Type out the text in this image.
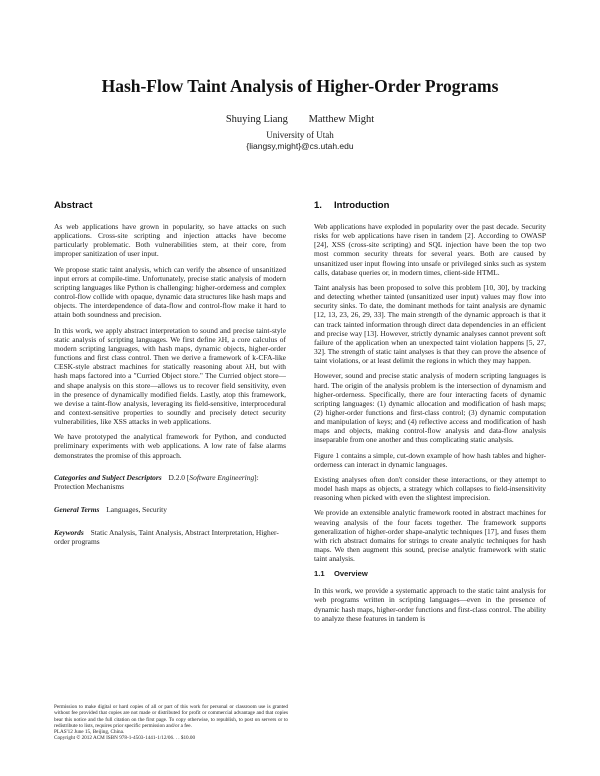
Hash-Flow Taint Analysis of Higher-Order Programs
Shuying Liang Matthew Might
University of Utah
{liangsy,might}@cs.utah.edu
Abstract

As web applications have grown in popularity, so have attacks on such applications. Cross-site scripting and injection attacks have become particularly problematic. Both vulnerabilities stem, at their core, from improper sanitization of user input.

We propose static taint analysis, which can verify the absence of unsanitized input errors at compile-time. Unfortunately, precise static analysis of modern scripting languages like Python is challenging: higher-orderness and complex control-flow collide with opaque, dynamic data structures like hash maps and objects. The interdependence of data-flow and control-flow make it hard to attain both soundness and precision.

In this work, we apply abstract interpretation to sound and precise taint-style static analysis of scripting languages. We first define λH, a core calculus of modern scripting languages, with hash maps, dynamic objects, higher-order functions and first class control. Then we derive a framework of k-CFA-like CESK-style abstract machines for statically reasoning about λH, but with hash maps factored into a "Curried Object store." The Curried object store—and shape analysis on this store—allows us to recover field sensitivity, even in the presence of dynamically modified fields. Lastly, atop this framework, we devise a taint-flow analysis, leveraging its field-sensitive, interprocedural and context-sensitive properties to soundly and precisely detect security vulnerabilities, like XSS attacks in web applications.

We have prototyped the analytical framework for Python, and conducted preliminary experiments with web applications. A low rate of false alarms demonstrates the promise of this approach.

Categories and Subject Descriptors D.2.0 [Software Engineering]: Protection Mechanisms
General Terms Languages, Security
Keywords Static Analysis, Taint Analysis, Abstract Interpretation, Higher-order programs
Permission to make digital or hard copies of all or part of this work for personal or classroom use is granted without fee provided that copies are not made or distributed for profit or commercial advantage and that copies bear this notice and the full citation on the first page. To copy otherwise, to republish, to post on servers or to redistribute to lists, requires prior specific permission and/or a fee.
PLAS'12 June 15, Beijing, China.
Copyright © 2012 ACM ISBN 978-1-4503-1441-1/12/06. . . $10.00
1. Introduction

Web applications have exploded in popularity over the past decade. Security risks for web applications have risen in tandem [2]. According to OWASP [24], XSS (cross-site scripting) and SQL injection have been the top two most common security threats for several years. Both are caused by unsanitized user input flowing into unsafe or privileged sinks such as system calls, database queries or, in modern times, client-side HTML.

Taint analysis has been proposed to solve this problem [10, 30], by tracking and detecting whether tainted (unsanitized user input) values may flow into security sinks. To date, the dominant methods for taint analysis are dynamic [12, 13, 23, 26, 29, 33]. The main strength of the dynamic approach is that it can track tainted information through direct data dependencies in an efficient and precise way [13]. However, strictly dynamic analyses cannot prevent soft failure of the application when an unexpected taint violation happens [5, 27, 32]. The strength of static taint analyses is that they can prove the absence of taint violations, or at least delimit the regions in which they may happen.

However, sound and precise static analysis of modern scripting languages is hard. The origin of the analysis problem is the intersection of dynamism and higher-orderness. Specifically, there are four interacting facets of dynamic scripting languages: (1) dynamic allocation and modification of hash maps; (2) higher-order functions and first-class control; (3) dynamic computation and manipulation of keys; and (4) reflective access and modification of hash maps and objects, making control-flow analysis and data-flow analysis inseparable from one another and thus complicating static analysis.

Figure 1 contains a simple, cut-down example of how hash tables and higher-orderness can interact in dynamic languages.

Existing analyses often don't consider these interactions, or they attempt to model hash maps as objects, a strategy which collapses to field-insensitivity reasoning when picked with even the slightest imprecision.

We provide an extensible analytic framework rooted in abstract machines for weaving analysis of the four facets together. The framework supports generalization of higher-order shape-analytic techniques [17], and fuses them with rich abstract domains for strings to create analytic techniques for hash maps. We then augment this sound, precise analytic framework with static taint analysis.

1.1 Overview

In this work, we provide a systematic approach to the static taint analysis for web programs written in scripting languages—even in the presence of dynamic hash maps, higher-order functions and first-class control. The ability to analyze these features in tandem is
